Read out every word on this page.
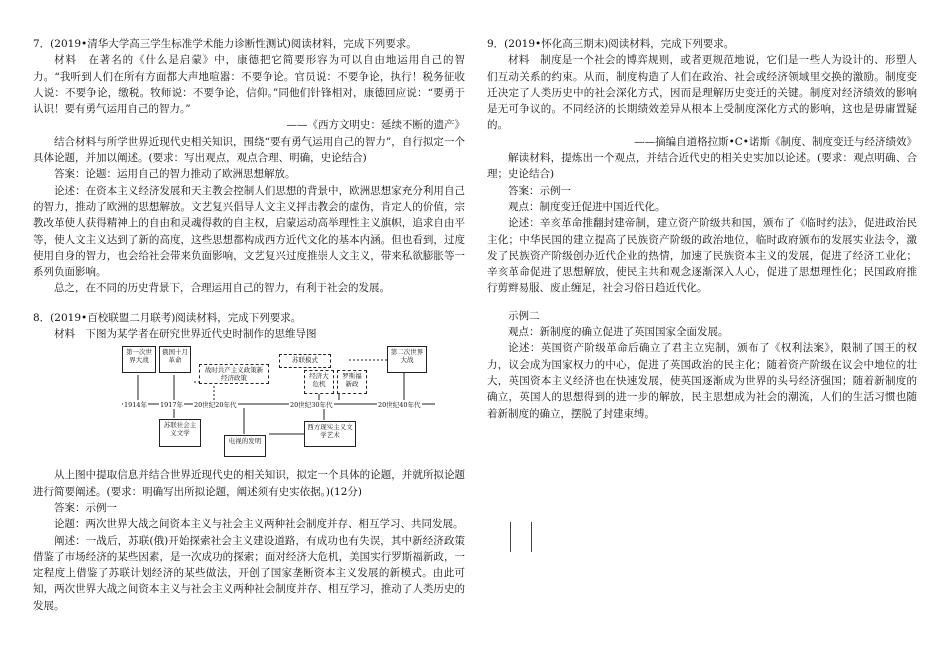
7．(2019•清华大学高三学生标准学术能力诊断性测试)阅读材料，完成下列要求。

材料　在著名的《什么是启蒙》中，康德把它简要形容为可以自由地运用自己的智力。“我听到人们在所有方面都大声地喧嚣：不要争论。官员说：不要争论，执行！税务征收人说：不要争论，缴税。牧师说：不要争论，信仰。”同他们针锋相对，康德回应说：“要勇于认识！要有勇气运用自己的智力。”

——《西方文明史：延续不断的遗产》

结合材料与所学世界近现代史相关知识，围绕“要有勇气运用自己的智力”，自行拟定一个具体论题，并加以阐述。(要求：写出观点，观点合理、明确，史论结合)

答案：论题：运用自己的智力推动了欧洲思想解放。

论述：在资本主义经济发展和天主教会控制人们思想的背景中，欧洲思想家充分利用自己的智力，推动了欧洲的思想解放。文艺复兴倡导人文主义抨击教会的虚伪，肯定人的价值，宗教改革使人获得精神上的自由和灵魂得救的自主权，启蒙运动高举理性主义旗帜，追求自由平等，使人文主义达到了新的高度，这些思想都构成西方近代文化的基本内涵。但也看到，过度使用自身的智力，也会给社会带来负面影响，文艺复兴过度推崇人文主义，带来私欲膨胀等一系列负面影响。

总之，在不同的历史背景下，合理运用自己的智力，有利于社会的发展。

8．(2019•百校联盟二月联考)阅读材料，完成下列要求。

材料　下图为某学者在研究世界近代史时制作的思维导图

第一次世界大战
俄国十月革命
战时共产主义政策新经济政策
苏联模式
经济大危机
罗斯福新政
第二次世界大战
苏联社会主义文学
电视的发明
西方现实主义文学艺术
1914年 1917年 20世纪20年代	20世纪30年代	20世纪40年代

从上图中提取信息并结合世界近现代史的相关知识，拟定一个具体的论题，并就所拟论题进行简要阐述。(要求：明确写出所拟论题，阐述须有史实依据。)(12分)

答案：示例一

论题：两次世界大战之间资本主义与社会主义两种社会制度并存、相互学习、共同发展。

阐述：一战后，苏联(俄)开始探索社会主义建设道路，有成功也有失误，其中新经济政策借鉴了市场经济的某些因素，是一次成功的探索；面对经济大危机，美国实行罗斯福新政，一定程度上借鉴了苏联计划经济的某些做法，开创了国家垄断资本主义发展的新模式。由此可知，两次世界大战之间资本主义与社会主义两种社会制度并存、相互学习，推动了人类历史的发展。

9．(2019•怀化高三期末)阅读材料，完成下列要求。

材料　制度是一个社会的博弈规则，或者更规范地说，它们是一些人为设计的、形塑人们互动关系的约束。从而，制度构造了人们在政治、社会或经济领域里交换的激励。制度变迁决定了人类历史中的社会深化方式，因而是理解历史变迁的关键。制度对经济绩效的影响是无可争议的。不同经济的长期绩效差异从根本上受制度深化方式的影响，这也是毋庸置疑的。

——摘编自道格拉斯•C•诺斯《制度、制度变迁与经济绩效》

解读材料，提炼出一个观点，并结合近代史的相关史实加以论述。(要求：观点明确、合理；史论结合)

答案：示例一

观点：制度变迁促进中国近代化。

论述：辛亥革命推翻封建帝制，建立资产阶级共和国，颁布了《临时约法》，促进政治民主化；中华民国的建立提高了民族资产阶级的政治地位，临时政府颁布的发展实业法令，激发了民族资产阶级创办近代企业的热情，加速了民族资本主义的发展，促进了经济工业化；辛亥革命促进了思想解放，使民主共和观念逐渐深入人心，促进了思想理性化；民国政府推行剪辫易服、废止缠足，社会习俗日趋近代化。

示例二

观点：新制度的确立促进了英国国家全面发展。

论述：英国资产阶级革命后确立了君主立宪制，颁布了《权利法案》，限制了国王的权力，议会成为国家权力的中心，促进了英国政治的民主化；随着资产阶级在议会中地位的壮大，英国资本主义经济也在快速发展，使英国逐渐成为世界的头号经济强国；随着新制度的确立，英国人的思想得到的进一步的解放，民主思想成为社会的潮流，人们的生活习惯也随着新制度的确立，摆脱了封建束缚。
